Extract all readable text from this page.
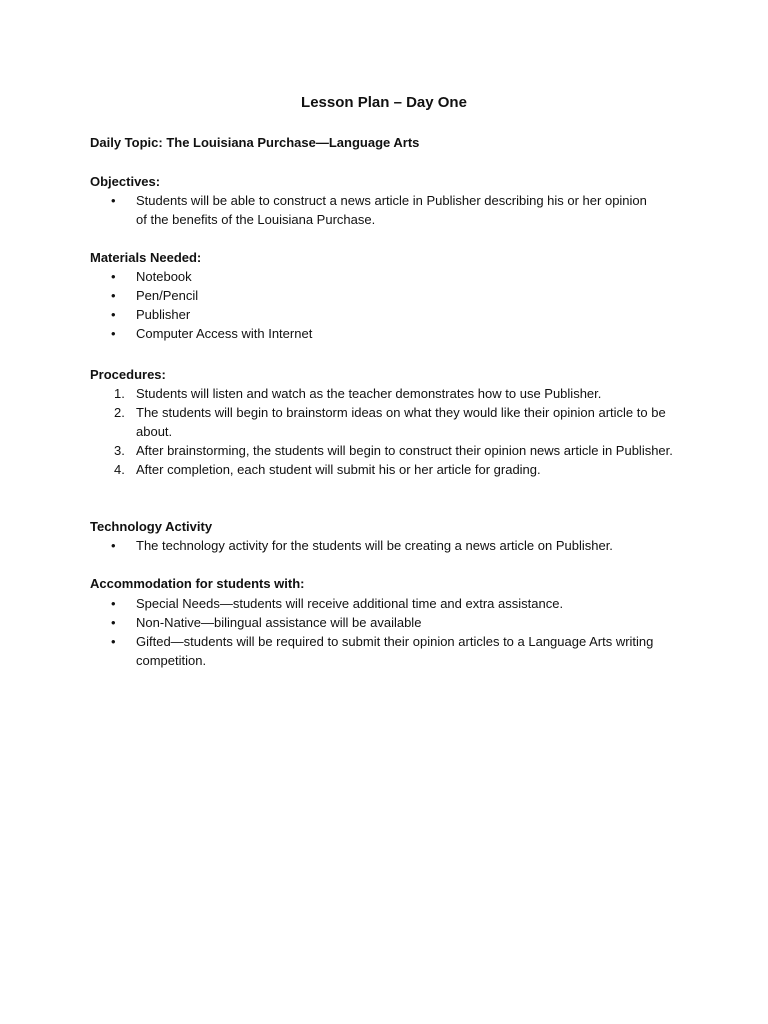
Lesson Plan – Day One
Daily Topic: The Louisiana Purchase—Language Arts
Objectives:
• Students will be able to construct a news article in Publisher describing his or her opinion of the benefits of the Louisiana Purchase.
Materials Needed:
• Notebook
• Pen/Pencil
• Publisher
• Computer Access with Internet
Procedures:
1. Students will listen and watch as the teacher demonstrates how to use Publisher.
2. The students will begin to brainstorm ideas on what they would like their opinion article to be about.
3. After brainstorming, the students will begin to construct their opinion news article in Publisher.
4. After completion, each student will submit his or her article for grading.
Technology Activity
• The technology activity for the students will be creating a news article on Publisher.
Accommodation for students with:
• Special Needs—students will receive additional time and extra assistance.
• Non-Native—bilingual assistance will be available
• Gifted—students will be required to submit their opinion articles to a Language Arts writing competition.
